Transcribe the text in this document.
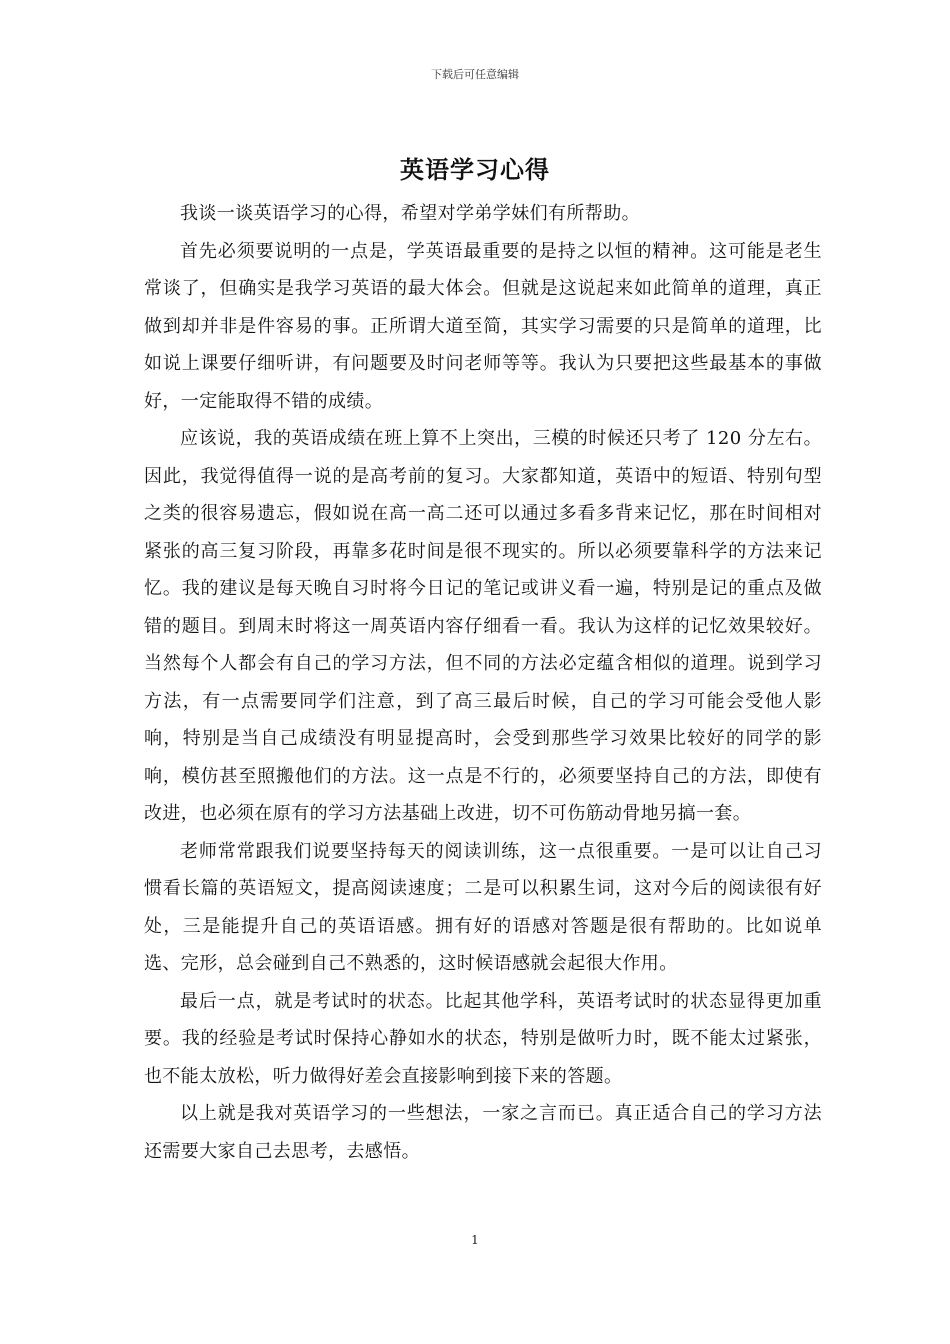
下载后可任意编辑
英语学习心得

我谈一谈英语学习的心得，希望对学弟学妹们有所帮助。

首先必须要说明的一点是，学英语最重要的是持之以恒的精神。这可能是老生常谈了，但确实是我学习英语的最大体会。但就是这说起来如此简单的道理，真正做到却并非是件容易的事。正所谓大道至简，其实学习需要的只是简单的道理，比如说上课要仔细听讲，有问题要及时问老师等等。我认为只要把这些最基本的事做好，一定能取得不错的成绩。

应该说，我的英语成绩在班上算不上突出，三模的时候还只考了 120 分左右。因此，我觉得值得一说的是高考前的复习。大家都知道，英语中的短语、特别句型之类的很容易遗忘，假如说在高一高二还可以通过多看多背来记忆，那在时间相对紧张的高三复习阶段，再靠多花时间是很不现实的。所以必须要靠科学的方法来记忆。我的建议是每天晚自习时将今日记的笔记或讲义看一遍，特别是记的重点及做错的题目。到周末时将这一周英语内容仔细看一看。我认为这样的记忆效果较好。当然每个人都会有自己的学习方法，但不同的方法必定蕴含相似的道理。说到学习方法，有一点需要同学们注意，到了高三最后时候，自己的学习可能会受他人影响，特别是当自己成绩没有明显提高时，会受到那些学习效果比较好的同学的影响，模仿甚至照搬他们的方法。这一点是不行的，必须要坚持自己的方法，即使有改进，也必须在原有的学习方法基础上改进，切不可伤筋动骨地另搞一套。

老师常常跟我们说要坚持每天的阅读训练，这一点很重要。一是可以让自己习惯看长篇的英语短文，提高阅读速度；二是可以积累生词，这对今后的阅读很有好处，三是能提升自己的英语语感。拥有好的语感对答题是很有帮助的。比如说单选、完形，总会碰到自己不熟悉的，这时候语感就会起很大作用。

最后一点，就是考试时的状态。比起其他学科，英语考试时的状态显得更加重要。我的经验是考试时保持心静如水的状态，特别是做听力时，既不能太过紧张，也不能太放松，听力做得好差会直接影响到接下来的答题。

以上就是我对英语学习的一些想法，一家之言而已。真正适合自己的学习方法还需要大家自己去思考，去感悟。

1
